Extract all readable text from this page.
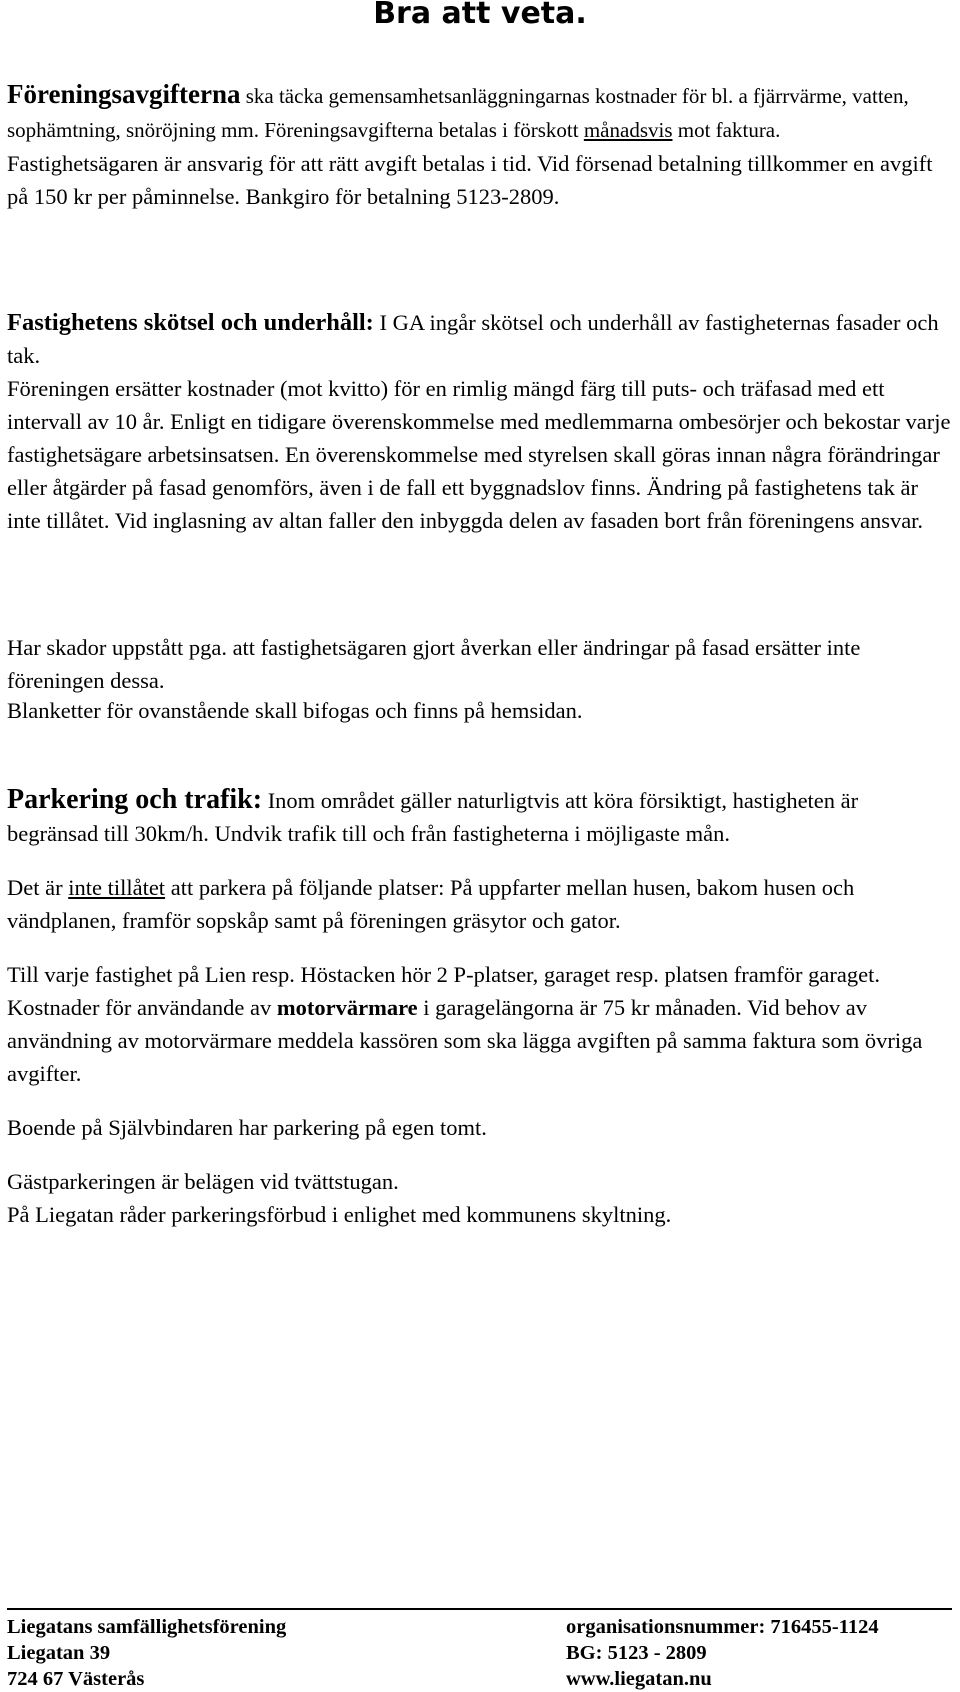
Bra att veta.

Föreningsavgifterna ska täcka gemensamhetsanläggningarnas kostnader för bl. a fjärrvärme, vatten, sophämtning, snöröjning mm. Föreningsavgifterna betalas i förskott månadsvis mot faktura.

Fastighetsägaren är ansvarig för att rätt avgift betalas i tid. Vid försenad betalning tillkommer en avgift på 150 kr per påminnelse. Bankgiro för betalning 5123-2809.

Fastighetens skötsel och underhåll: I GA ingår skötsel och underhåll av fastigheternas fasader och tak.

Föreningen ersätter kostnader (mot kvitto) för en rimlig mängd färg till puts- och träfasad med ett intervall av 10 år. Enligt en tidigare överenskommelse med medlemmarna ombesörjer och bekostar varje fastighetsägare arbetsinsatsen. En överenskommelse med styrelsen skall göras innan några förändringar eller åtgärder på fasad genomförs, även i de fall ett byggnadslov finns. Ändring på fastighetens tak är inte tillåtet. Vid inglasning av altan faller den inbyggda delen av fasaden bort från föreningens ansvar.

Har skador uppstått pga. att fastighetsägaren gjort åverkan eller ändringar på fasad ersätter inte föreningen dessa.
Blanketter för ovanstående skall bifogas och finns på hemsidan.

Parkering och trafik: Inom området gäller naturligtvis att köra försiktigt, hastigheten är begränsad till 30km/h. Undvik trafik till och från fastigheterna i möjligaste mån.

Det är inte tillåtet att parkera på följande platser: På uppfarter mellan husen, bakom husen och vändplanen, framför sopskåp samt på föreningen gräsytor och gator.

Till varje fastighet på Lien resp. Höstacken hör 2 P-platser, garaget resp. platsen framför garaget.

Kostnader för användande av motorvärmare i garagelängorna är 75 kr månaden. Vid behov av användning av motorvärmare meddela kassören som ska lägga avgiften på samma faktura som övriga avgifter.

Boende på Självbindaren har parkering på egen tomt.

Gästparkeringen är belägen vid tvättstugan.

På Liegatan råder parkeringsförbud i enlighet med kommunens skyltning.

Liegatans samfällighetsförening
Liegatan 39
724 67 Västerås
organisationsnummer: 716455-1124
BG: 5123 - 2809
www.liegatan.nu
